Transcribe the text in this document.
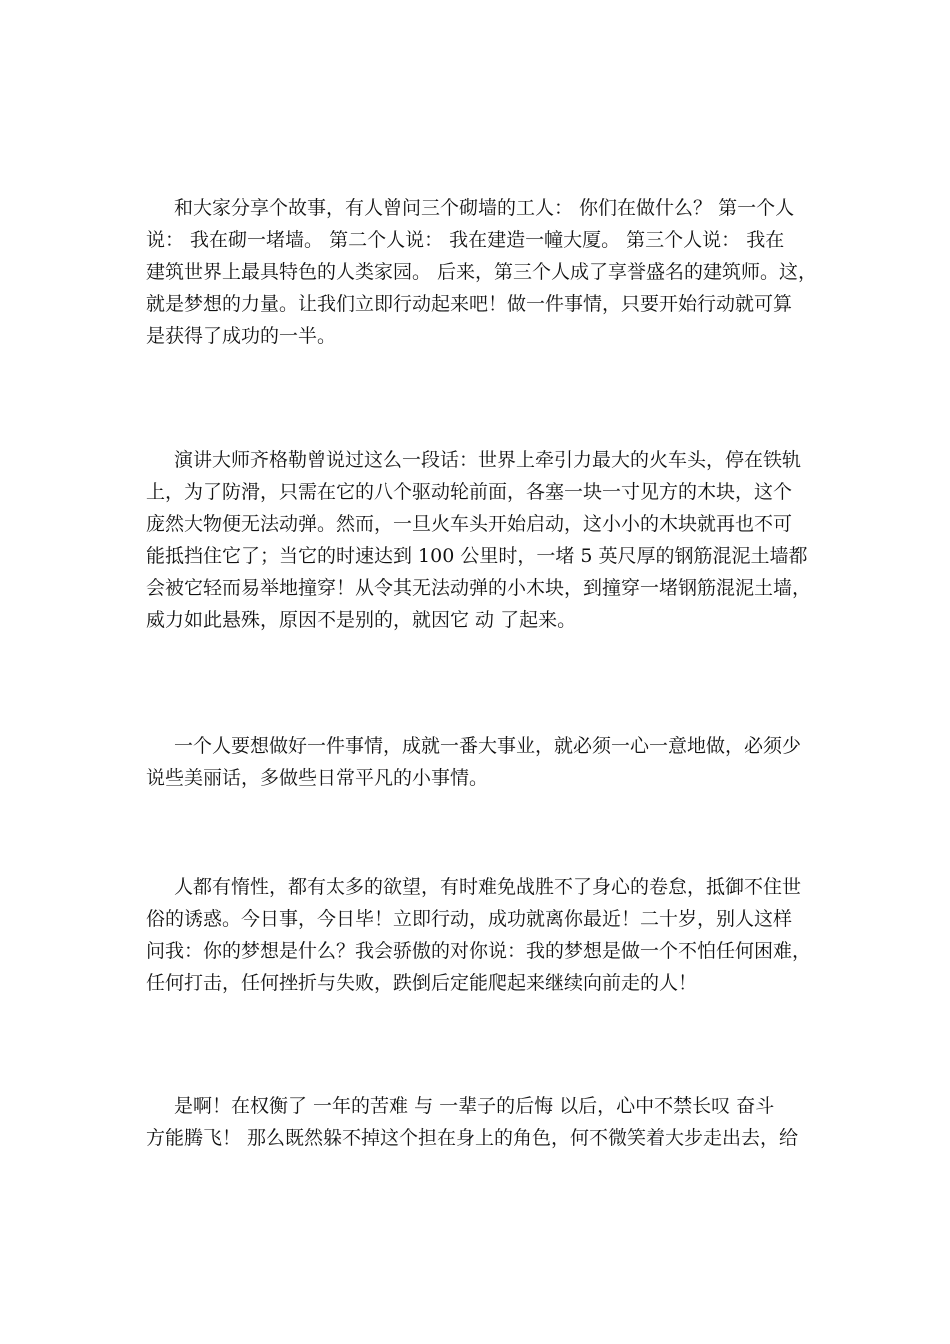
和大家分享个故事，有人曾问三个砌墙的工人： 你们在做什么？ 第一个人
说： 我在砌一堵墙。 第二个人说： 我在建造一幢大厦。 第三个人说： 我在
建筑世界上最具特色的人类家园。 后来，第三个人成了享誉盛名的建筑师。这，
就是梦想的力量。让我们立即行动起来吧！做一件事情，只要开始行动就可算
是获得了成功的一半。
演讲大师齐格勒曾说过这么一段话：世界上牵引力最大的火车头，停在铁轨
上，为了防滑，只需在它的八个驱动轮前面，各塞一块一寸见方的木块，这个
庞然大物便无法动弹。然而，一旦火车头开始启动，这小小的木块就再也不可
能抵挡住它了；当它的时速达到 100 公里时，一堵 5 英尺厚的钢筋混泥土墙都
会被它轻而易举地撞穿！从令其无法动弹的小木块，到撞穿一堵钢筋混泥土墙，
威力如此悬殊，原因不是别的，就因它 动 了起来。
一个人要想做好一件事情，成就一番大事业，就必须一心一意地做，必须少
说些美丽话，多做些日常平凡的小事情。
人都有惰性，都有太多的欲望，有时难免战胜不了身心的卷怠，抵御不住世
俗的诱惑。今日事，今日毕！立即行动，成功就离你最近！二十岁，别人这样
问我：你的梦想是什么？我会骄傲的对你说：我的梦想是做一个不怕任何困难，
任何打击，任何挫折与失败，跌倒后定能爬起来继续向前走的人！
是啊！在权衡了 一年的苦难 与 一辈子的后悔 以后，心中不禁长叹 奋斗
方能腾飞！ 那么既然躲不掉这个担在身上的角色，何不微笑着大步走出去，给
